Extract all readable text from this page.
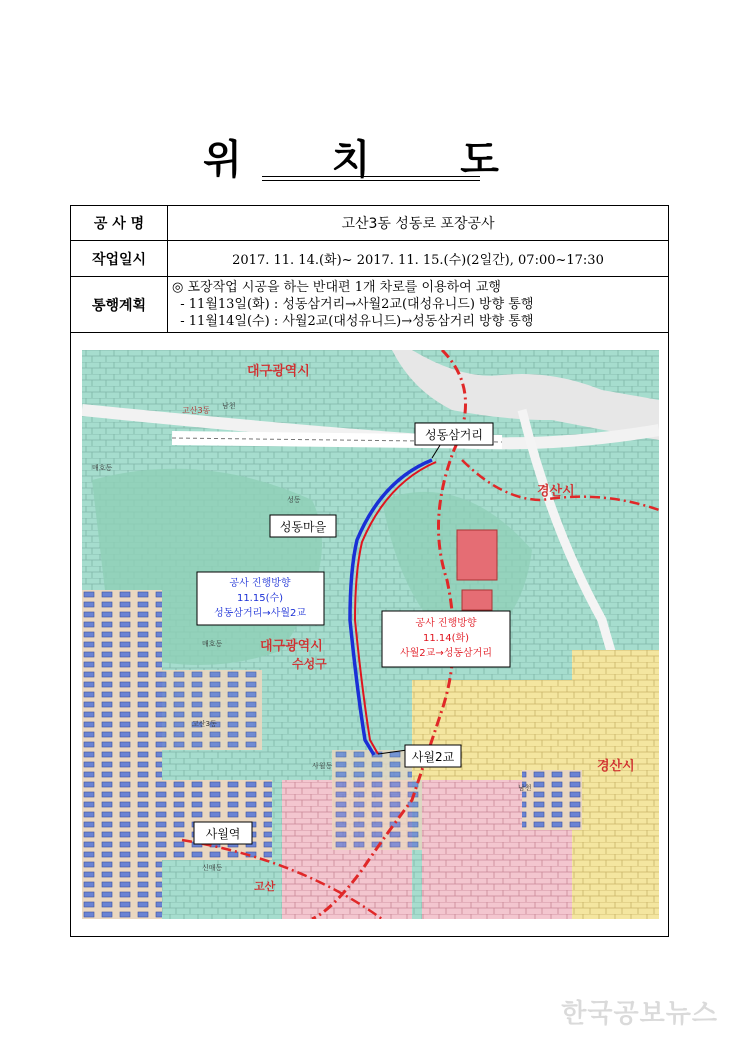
위 치 도
공 사 명	고산3동 성동로 포장공사
작업일시	2017. 11. 14.(화)~ 2017. 11. 15.(수)(2일간), 07:00~17:30
통행계획	◎ 포장작업 시공을 하는 반대편 1개 차로를 이용하여 교행
- 11월13일(화) : 성동삼거리→사월2교(대성유니드) 방향 통행
- 11월14일(수) : 사월2교(대성유니드)→성동삼거리 방향 통행
대구광역시
대구광역시
수성구
경산시
경산시
고산3동 남천
매호동
성동
매호동
고산3동
사월동
신매동
고산
남천
성동삼거리
성동마을
사월2교
사월역
공사 진행방향
11.15(수)
성동삼거리→사월2교
공사 진행방향
11.14(화)
사월2교→성동삼거리
한국공보뉴스
